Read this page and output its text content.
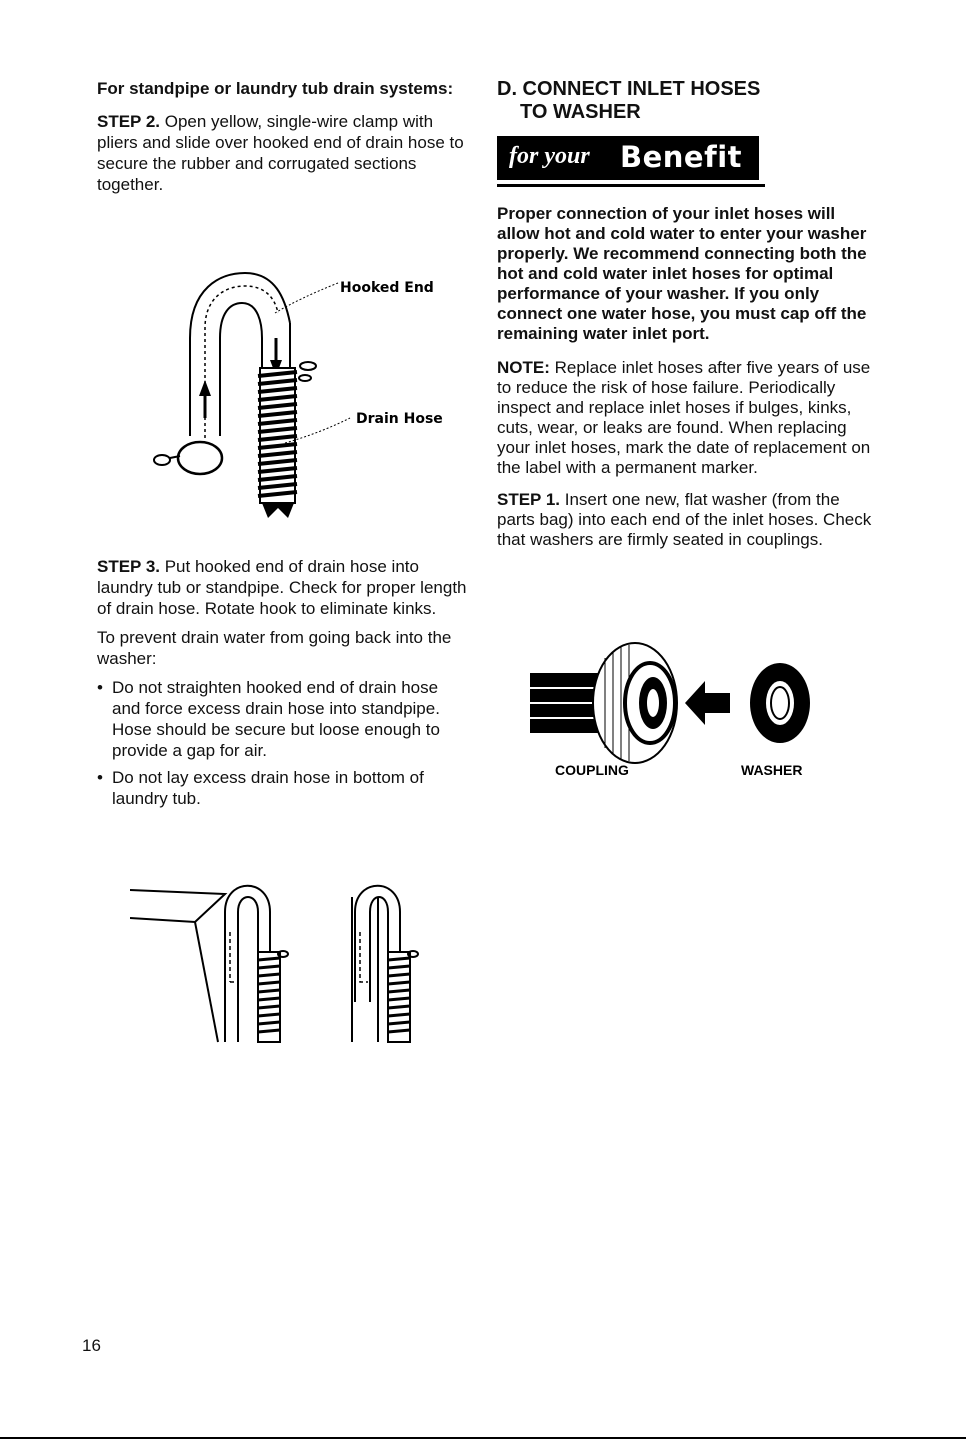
For standpipe or laundry tub drain systems:

STEP 2. Open yellow, single-wire clamp with pliers and slide over hooked end of drain hose to secure the rubber and corrugated sections together.

Hooked End
Drain Hose

STEP 3. Put hooked end of drain hose into laundry tub or standpipe. Check for proper length of drain hose. Rotate hook to eliminate kinks.

To prevent drain water from going back into the washer:

• Do not straighten hooked end of drain hose and force excess drain hose into standpipe. Hose should be secure but loose enough to provide a gap for air.
• Do not lay excess drain hose in bottom of laundry tub.
D. CONNECT INLET HOSES
TO WASHER
for your Benefit

Proper connection of your inlet hoses will allow hot and cold water to enter your washer properly. We recommend connecting both the hot and cold water inlet hoses for optimal performance of your washer. If you only connect one water hose, you must cap off the remaining water inlet port.

NOTE: Replace inlet hoses after five years of use to reduce the risk of hose failure. Periodically inspect and replace inlet hoses if bulges, kinks, cuts, wear, or leaks are found. When replacing your inlet hoses, mark the date of replacement on the label with a permanent marker.

STEP 1. Insert one new, flat washer (from the parts bag) into each end of the inlet hoses. Check that washers are firmly seated in couplings.

COUPLING	WASHER
16
